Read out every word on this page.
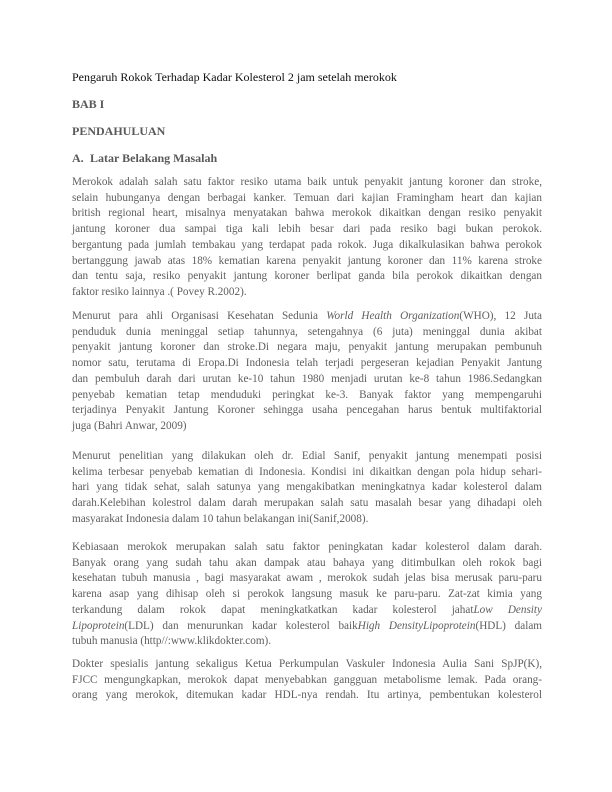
Pengaruh Rokok Terhadap Kadar Kolesterol 2 jam setelah merokok
BAB I
PENDAHULUAN
A. Latar Belakang Masalah
Merokok adalah salah satu faktor resiko utama baik untuk penyakit jantung koroner dan stroke,
selain hubunganya dengan berbagai kanker. Temuan dari kajian Framingham heart dan kajian
british regional heart, misalnya menyatakan bahwa merokok dikaitkan dengan resiko penyakit
jantung koroner dua sampai tiga kali lebih besar dari pada resiko bagi bukan perokok.
bergantung pada jumlah tembakau yang terdapat pada rokok. Juga dikalkulasikan bahwa perokok
bertanggung jawab atas 18% kematian karena penyakit jantung koroner dan 11% karena stroke
dan tentu saja, resiko penyakit jantung koroner berlipat ganda bila perokok dikaitkan dengan
faktor resiko lainnya .( Povey R.2002).
Menurut para ahli Organisasi Kesehatan Sedunia World Health Organization(WHO), 12 Juta
penduduk dunia meninggal setiap tahunnya, setengahnya (6 juta) meninggal dunia akibat
penyakit jantung koroner dan stroke.Di negara maju, penyakit jantung merupakan pembunuh
nomor satu, terutama di Eropa.Di Indonesia telah terjadi pergeseran kejadian Penyakit Jantung
dan pembuluh darah dari urutan ke-10 tahun 1980 menjadi urutan ke-8 tahun 1986.Sedangkan
penyebab kematian tetap menduduki peringkat ke-3. Banyak faktor yang mempengaruhi
terjadinya Penyakit Jantung Koroner sehingga usaha pencegahan harus bentuk multifaktorial
juga (Bahri Anwar, 2009)
Menurut penelitian yang dilakukan oleh dr. Edial Sanif, penyakit jantung menempati posisi
kelima terbesar penyebab kematian di Indonesia. Kondisi ini dikaitkan dengan pola hidup sehari-
hari yang tidak sehat, salah satunya yang mengakibatkan meningkatnya kadar kolesterol dalam
darah.Kelebihan kolestrol dalam darah merupakan salah satu masalah besar yang dihadapi oleh
masyarakat Indonesia dalam 10 tahun belakangan ini(Sanif,2008).
Kebiasaan merokok merupakan salah satu faktor peningkatan kadar kolesterol dalam darah.
Banyak orang yang sudah tahu akan dampak atau bahaya yang ditimbulkan oleh rokok bagi
kesehatan tubuh manusia , bagi masyarakat awam , merokok sudah jelas bisa merusak paru-paru
karena asap yang dihisap oleh si perokok langsung masuk ke paru-paru. Zat-zat kimia yang
terkandung dalam rokok dapat meningkatkatkan kadar kolesterol jahatLow Density
Lipoprotein(LDL) dan menurunkan kadar kolesterol baikHigh DensityLipoprotein(HDL) dalam
tubuh manusia (http//:www.klikdokter.com).
Dokter spesialis jantung sekaligus Ketua Perkumpulan Vaskuler Indonesia Aulia Sani SpJP(K),
FJCC mengungkapkan, merokok dapat menyebabkan gangguan metabolisme lemak. Pada orang-
orang yang merokok, ditemukan kadar HDL-nya rendah. Itu artinya, pembentukan kolesterol
